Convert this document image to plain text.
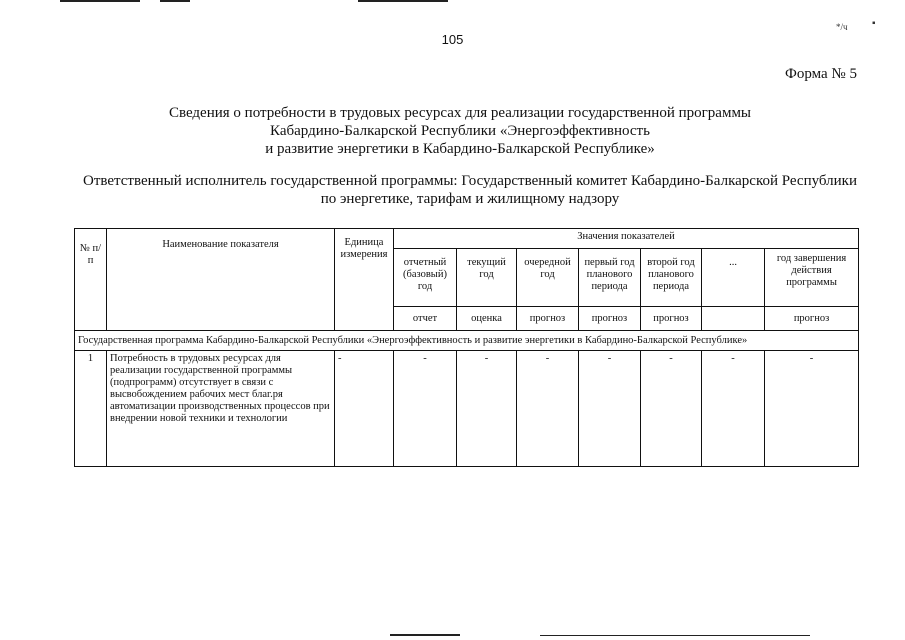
105
*/ч ▪
Форма № 5
Сведения о потребности в трудовых ресурсах для реализации государственной программы
Кабардино-Балкарской Республики «Энергоэффективность
и развитие энергетики в Кабардино-Балкарской Республике»
Ответственный исполнитель государственной программы: Государственный комитет Кабардино-Балкарской Республики
по энергетике, тарифам и жилищному надзору
№ п/п	Наименование показателя	Единица измерения	Значения показателей						
			отчетный (базовый) год	текущий год	очередной год	первый год планового периода	второй год планового периода	...	год завершения действия программы
			отчет	оценка	прогноз	прогноз	прогноз		прогноз
Государственная программа Кабардино-Балкарской Республики «Энергоэффективность и развитие энергетики в Кабардино-Балкарской Республике»									
1	Потребность в трудовых ресурсах для реализации государственной программы (подпрограмм) отсутствует в связи с высвобождением рабочих мест благ.ря автоматизации производственных процессов при внедрении новой техники и технологии	-	-	-	-	-	-	-	-
